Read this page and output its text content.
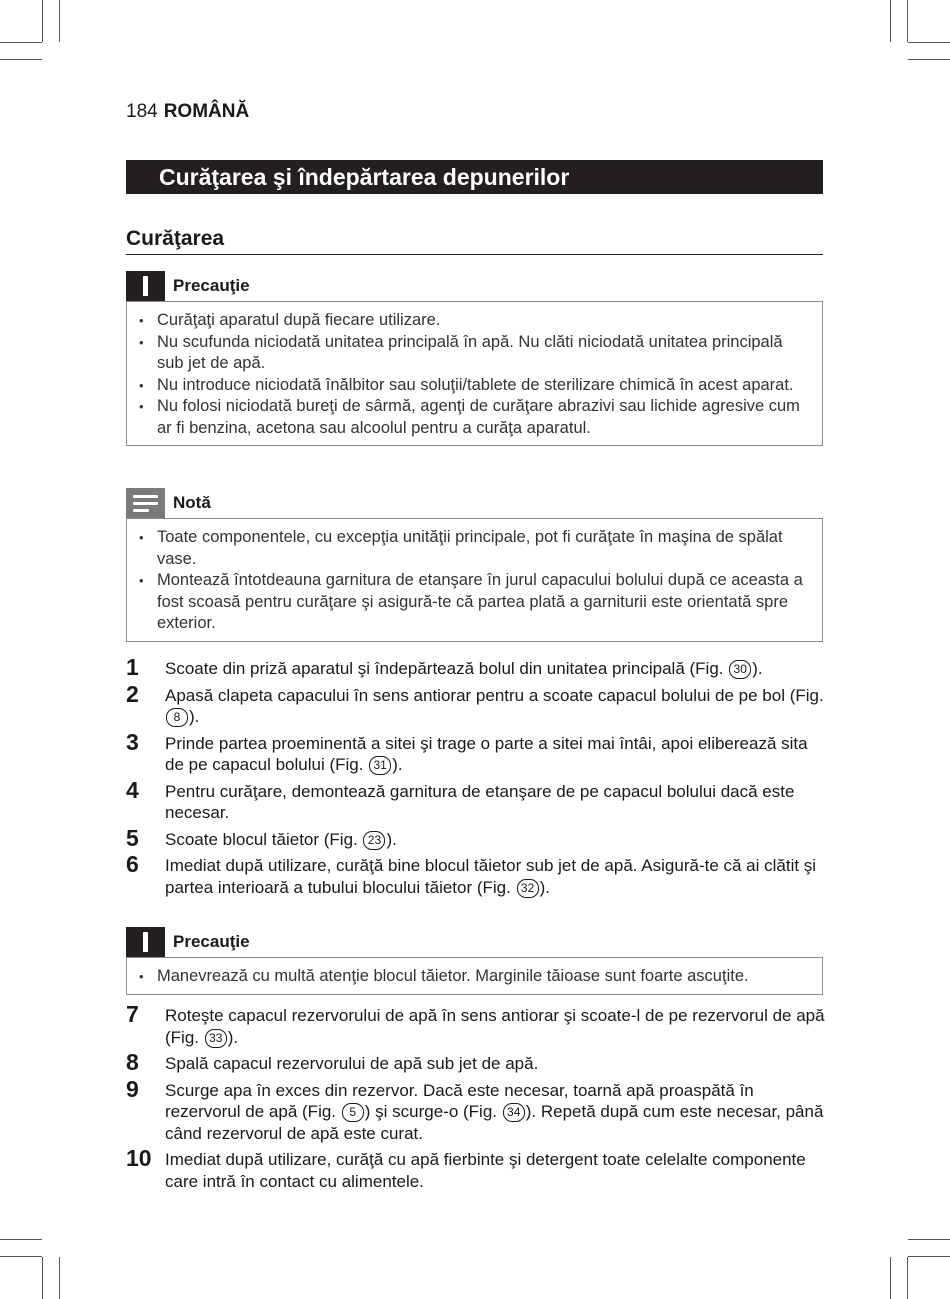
184 ROMÂNĂ
Curăţarea şi îndepărtarea depunerilor
Curăţarea
Precauţie
• Curăţaţi aparatul după fiecare utilizare.
• Nu scufunda niciodată unitatea principală în apă. Nu clăti niciodată unitatea principală sub jet de apă.
• Nu introduce niciodată înălbitor sau soluţii/tablete de sterilizare chimică în acest aparat.
• Nu folosi niciodată bureţi de sârmă, agenţi de curăţare abrazivi sau lichide agresive cum ar fi benzina, acetona sau alcoolul pentru a curăţa aparatul.
Notă
• Toate componentele, cu excepţia unităţii principale, pot fi curăţate în maşina de spălat vase.
• Montează întotdeauna garnitura de etanşare în jurul capacului bolului după ce aceasta a fost scoasă pentru curăţare şi asigură-te că partea plată a garniturii este orientată spre exterior.
1	Scoate din priză aparatul şi îndepărtează bolul din unitatea principală (Fig. 30 ).
2	Apasă clapeta capacului în sens antiorar pentru a scoate capacul bolului de pe bol (Fig. 8 ).
3	Prinde partea proeminentă a sitei şi trage o parte a sitei mai întâi, apoi eliberează sita de pe capacul bolului (Fig. 31 ).
4	Pentru curăţare, demontează garnitura de etanşare de pe capacul bolului dacă este necesar.
5	Scoate blocul tăietor (Fig. 23 ).
6	Imediat după utilizare, curăţă bine blocul tăietor sub jet de apă. Asigură-te că ai clătit şi partea interioară a tubului blocului tăietor (Fig. 32 ).
Precauţie
• Manevrează cu multă atenţie blocul tăietor. Marginile tăioase sunt foarte ascuţite.
7	Roteşte capacul rezervorului de apă în sens antiorar şi scoate-l de pe rezervorul de apă (Fig. 33 ).
8	Spală capacul rezervorului de apă sub jet de apă.
9	Scurge apa în exces din rezervor. Dacă este necesar, toarnă apă proaspătă în rezervorul de apă (Fig. 5 ) şi scurge-o (Fig. 34 ). Repetă după cum este necesar, până când rezervorul de apă este curat.
10 Imediat după utilizare, curăţă cu apă fierbinte şi detergent toate celelalte componente care intră în contact cu alimentele.
